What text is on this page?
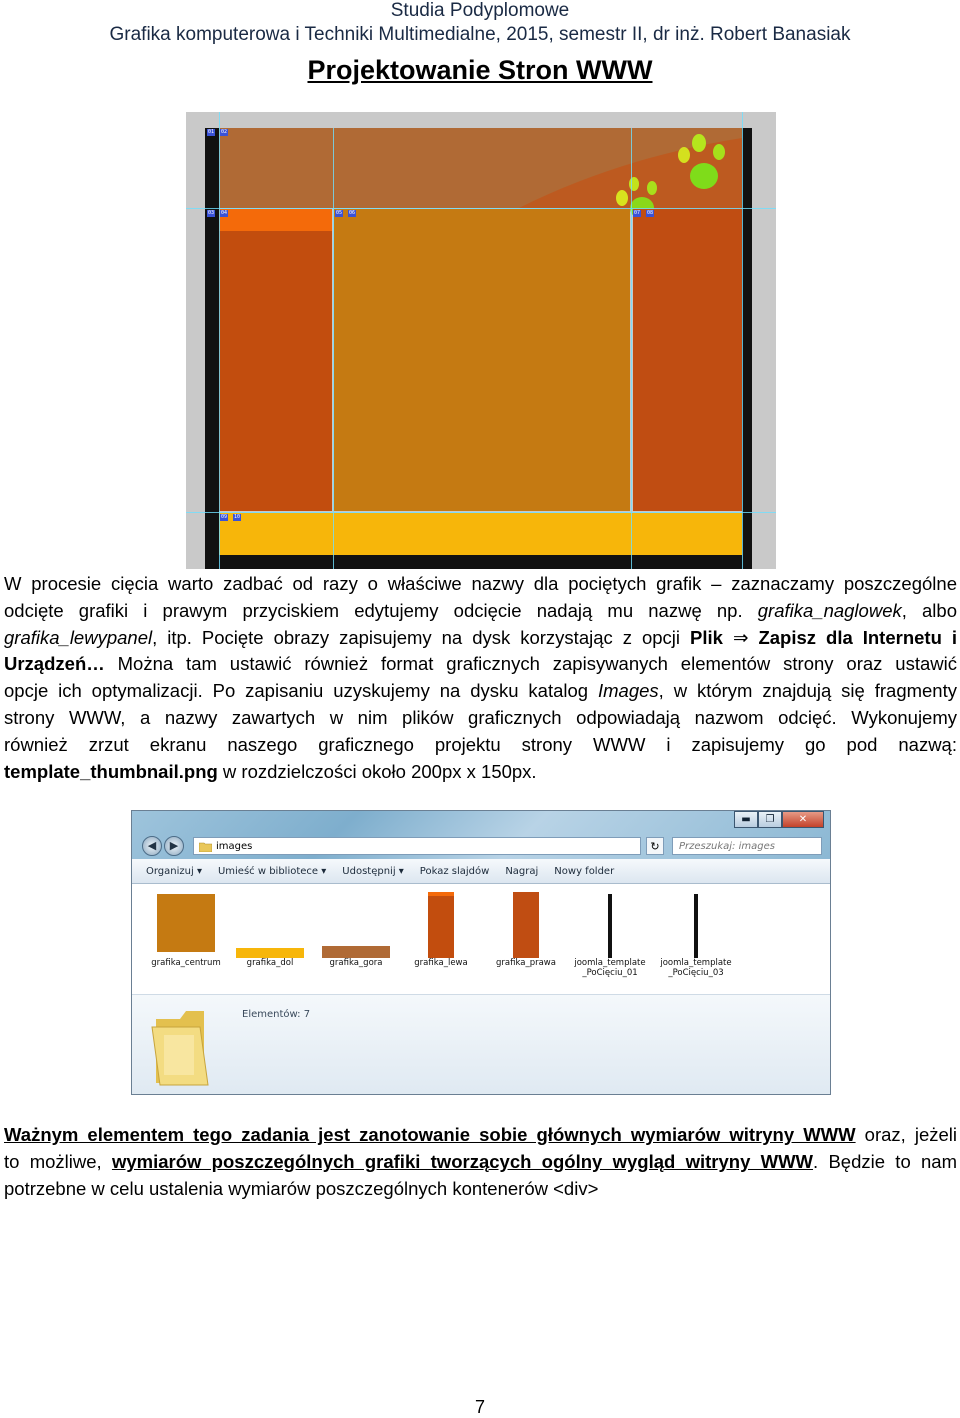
Studia Podyplomowe
Grafika komputerowa i Techniki Multimedialne, 2015, semestr II, dr inż. Robert Banasiak
Projektowanie Stron WWW
01 02
03 04	05 06	07 08
09 10
W procesie cięcia warto zadbać od razy o właściwe nazwy dla pociętych grafik – zaznaczamy poszczególne
odcięte grafiki i prawym przyciskiem edytujemy odcięcie nadają mu nazwę np. grafika_naglowek, albo
grafika_lewypanel, itp. Pocięte obrazy zapisujemy na dysk korzystając z opcji Plik ⇒ Zapisz dla Internetu i
Urządzeń… Można tam ustawić również format graficznych zapisywanych elementów strony oraz ustawić
opcje ich optymalizacji. Po zapisaniu uzyskujemy na dysku katalog Images, w którym znajdują się fragmenty
strony WWW, a nazwy zawartych w nim plików graficznych odpowiadają nazwom odcięć. Wykonujemy
również zrzut ekranu naszego graficznego projektu strony WWW i zapisujemy go pod nazwą:
template_thumbnail.png w rozdzielczości około 200px x 150px.
▬	❐	✕
◀	▶	images	↻	Przeszukaj: images
Organizuj ▾	Umieść w bibliotece ▾	Udostępnij ▾	Pokaz slajdów	Nagraj	Nowy folder
grafika_centrum	grafika_dol	grafika_gora	grafika_lewa	grafika_prawa	joomla_template
_PoCięciu_01
joomla_template
_PoCięciu_03
Elementów: 7
Ważnym elementem tego zadania jest zanotowanie sobie głównych wymiarów witryny WWW oraz, jeżeli
to możliwe, wymiarów poszczególnych grafiki tworzących ogólny wygląd witryny WWW. Będzie to nam
potrzebne w celu ustalenia wymiarów poszczególnych kontenerów <div>
7
